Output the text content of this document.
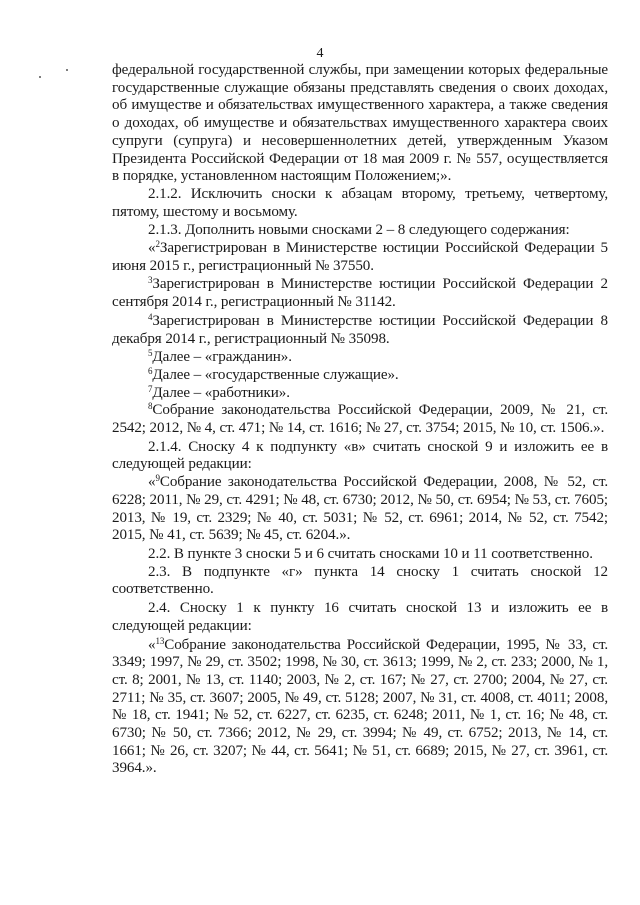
4

федеральной государственной службы, при замещении которых федеральные государственные служащие обязаны представлять сведения о своих доходах, об имуществе и обязательствах имущественного характера, а также сведения о доходах, об имуществе и обязательствах имущественного характера своих супруги (супруга) и несовершеннолетних детей, утвержденным Указом Президента Российской Федерации от 18 мая 2009 г. № 557, осуществляется в порядке, установленном настоящим Положением;».

2.1.2. Исключить сноски к абзацам второму, третьему, четвертому, пятому, шестому и восьмому.

2.1.3. Дополнить новыми сносками 2 – 8 следующего содержания:

«$^2$Зарегистрирован в Министерстве юстиции Российской Федерации 5 июня 2015 г., регистрационный № 37550.

$^3$Зарегистрирован в Министерстве юстиции Российской Федерации 2 сентября 2014 г., регистрационный № 31142.

$^4$Зарегистрирован в Министерстве юстиции Российской Федерации 8 декабря 2014 г., регистрационный № 35098.

$^5$Далее – «гражданин».

$^6$Далее – «государственные служащие».

$^7$Далее – «работники».

$^8$Собрание законодательства Российской Федерации, 2009, № 21, ст. 2542; 2012, № 4, ст. 471; № 14, ст. 1616; № 27, ст. 3754; 2015, № 10, ст. 1506.».

2.1.4. Сноску 4 к подпункту «в» считать сноской 9 и изложить ее в следующей редакции:

«$^9$Собрание законодательства Российской Федерации, 2008, № 52, ст. 6228; 2011, № 29, ст. 4291; № 48, ст. 6730; 2012, № 50, ст. 6954; № 53, ст. 7605; 2013, № 19, ст. 2329; № 40, ст. 5031; № 52, ст. 6961; 2014, № 52, ст. 7542; 2015, № 41, ст. 5639; № 45, ст. 6204.».

2.2. В пункте 3 сноски 5 и 6 считать сносками 10 и 11 соответственно.

2.3. В подпункте «г» пункта 14 сноску 1 считать сноской 12 соответственно.

2.4. Сноску 1 к пункту 16 считать сноской 13 и изложить ее в следующей редакции:

«$^{13}$Собрание законодательства Российской Федерации, 1995, № 33, ст. 3349; 1997, № 29, ст. 3502; 1998, № 30, ст. 3613; 1999, № 2, ст. 233; 2000, № 1, ст. 8; 2001, № 13, ст. 1140; 2003, № 2, ст. 167; № 27, ст. 2700; 2004, № 27, ст. 2711; № 35, ст. 3607; 2005, № 49, ст. 5128; 2007, № 31, ст. 4008, ст. 4011; 2008, № 18, ст. 1941; № 52, ст. 6227, ст. 6235, ст. 6248; 2011, № 1, ст. 16; № 48, ст. 6730; № 50, ст. 7366; 2012, № 29, ст. 3994; № 49, ст. 6752; 2013, № 14, ст. 1661; № 26, ст. 3207; № 44, ст. 5641; № 51, ст. 6689; 2015, № 27, ст. 3961, ст. 3964.».
